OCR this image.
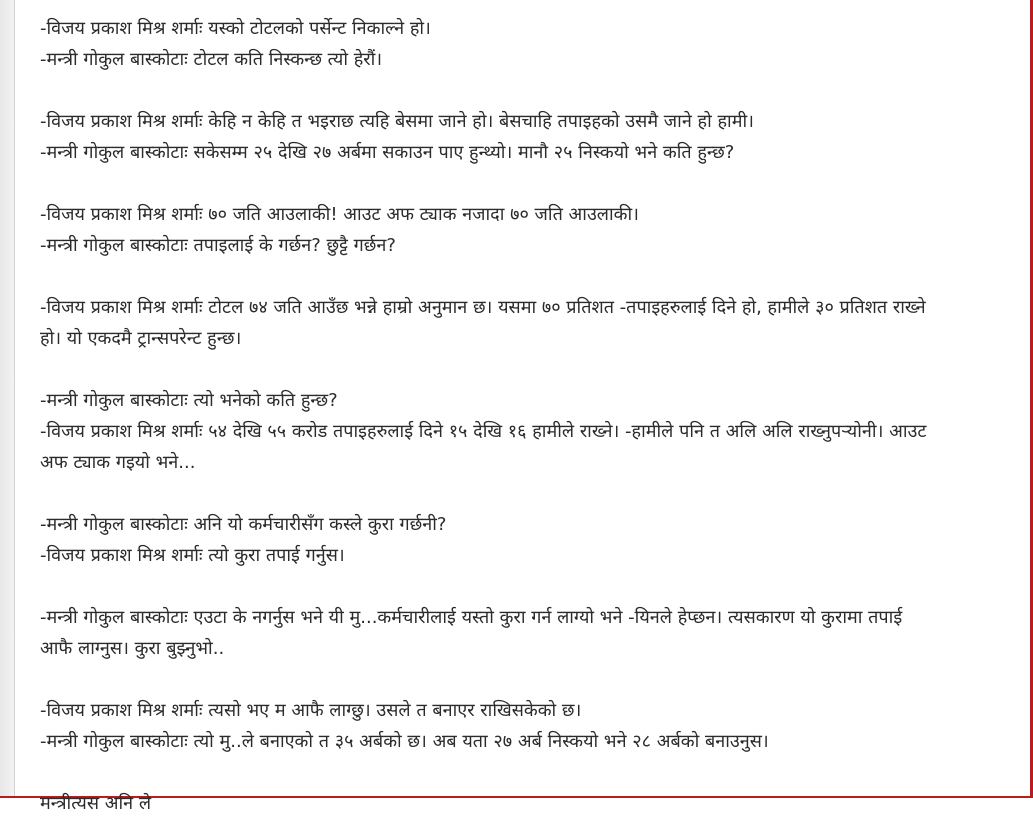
-विजय प्रकाश मिश्र शर्माः यस्को टोटलको पर्सेन्ट निकाल्ने हो।
-मन्त्री गोकुल बास्कोटाः टोटल कति निस्कन्छ त्यो हेरौं।
-विजय प्रकाश मिश्र शर्माः केहि न केहि त भइराछ त्यहि बेसमा जाने हो। बेसचाहि तपाइहको उसमै जाने हो हामी।
-मन्त्री गोकुल बास्कोटाः सकेसम्म २५ देखि २७ अर्बमा सकाउन पाए हुन्थ्यो। मानौ २५ निस्कयो भने कति हुन्छ?
-विजय प्रकाश मिश्र शर्माः ७० जति आउलाकी! आउट अफ ट्याक नजादा ७० जति आउलाकी।
-मन्त्री गोकुल बास्कोटाः तपाइलाई के गर्छन? छुट्टै गर्छन?
-विजय प्रकाश मिश्र शर्माः टोटल ७४ जति आउँछ भन्ने हाम्रो अनुमान छ। यसमा ७० प्रतिशत -तपाइहरुलाई दिने हो, हामीले ३० प्रतिशत राख्ने
हो। यो एकदमै ट्रान्सपरेन्ट हुन्छ।
-मन्त्री गोकुल बास्कोटाः त्यो भनेको कति हुन्छ?
-विजय प्रकाश मिश्र शर्माः ५४ देखि ५५ करोड तपाइहरुलाई दिने १५ देखि १६ हामीले राख्ने। -हामीले पनि त अलि अलि राख्नुपर्‍योनी। आउट
अफ ट्याक गइयो भने...
-मन्त्री गोकुल बास्कोटाः अनि यो कर्मचारीसँग कस्ले कुरा गर्छनी?
-विजय प्रकाश मिश्र शर्माः त्यो कुरा तपाई गर्नुस।
-मन्त्री गोकुल बास्कोटाः एउटा के नगर्नुस भने यी मु...कर्मचारीलाई यस्तो कुरा गर्न लाग्यो भने -यिनले हेप्छन। त्यसकारण यो कुरामा तपाई
आफै लाग्नुस। कुरा बुझ्नुभो..
-विजय प्रकाश मिश्र शर्माः त्यसो भए म आफै लाग्छु। उसले त बनाएर राखिसकेको छ।
-मन्त्री गोकुल बास्कोटाः त्यो मु..ले बनाएको त ३५ अर्बको छ। अब यता २७ अर्ब निस्कयो भने २८ अर्बको बनाउनुस।
मन्त्रीत्यस अनि ले
